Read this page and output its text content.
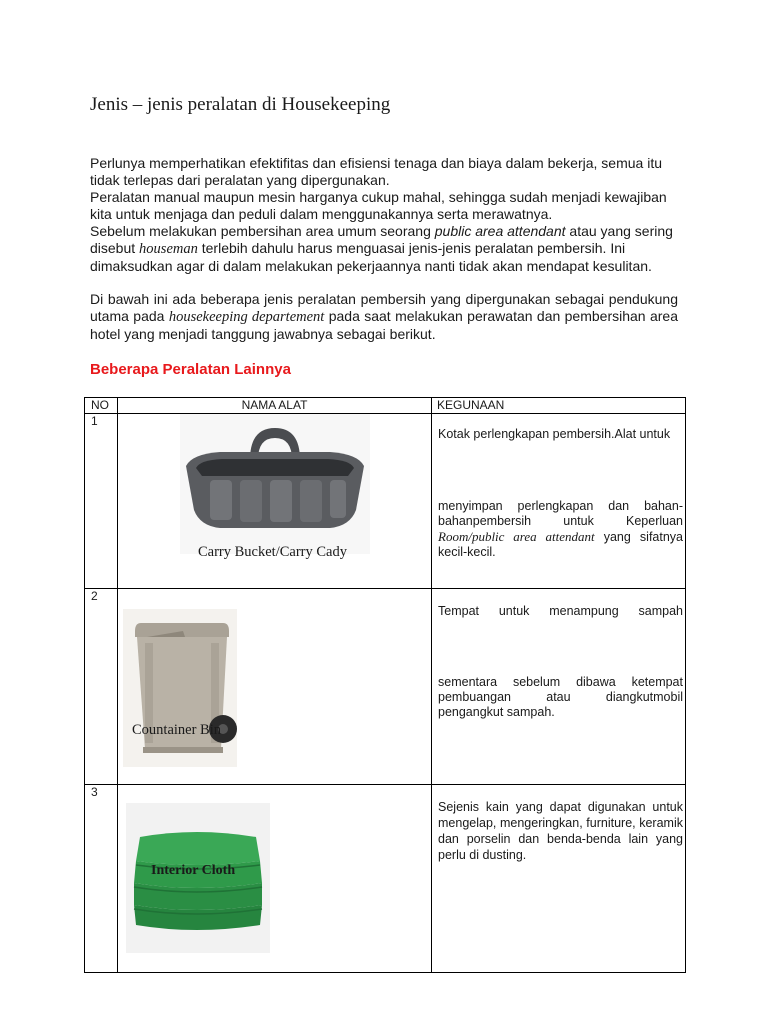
Jenis – jenis peralatan di Housekeeping
Perlunya memperhatikan efektifitas dan efisiensi tenaga dan biaya dalam bekerja, semua itu tidak terlepas dari peralatan yang dipergunakan.
Peralatan manual maupun mesin harganya cukup mahal, sehingga sudah menjadi kewajiban kita untuk menjaga dan peduli dalam menggunakannya serta merawatnya.
Sebelum melakukan pembersihan area umum seorang public area attendant atau yang sering disebut houseman terlebih dahulu harus menguasai jenis-jenis peralatan pembersih. Ini dimaksudkan agar di dalam melakukan pekerjaannya nanti tidak akan mendapat kesulitan.
Di bawah ini ada beberapa jenis peralatan pembersih yang dipergunakan sebagai pendukung utama pada housekeeping departement pada saat melakukan perawatan dan pembersihan area hotel yang menjadi tanggung jawabnya sebagai berikut.
Beberapa Peralatan Lainnya
NO	NAMA ALAT	KEGUNAAN
1	Carry Bucket/Carry Cady	Kotak perlengkapan pembersih.Alat untuk
menyimpan perlengkapan dan bahan-bahanpembersih untuk Keperluan Room/public area attendant yang sifatnya kecil-kecil.

2	Countainer Bin	Tempat untuk menampung sampah
sementara sebelum dibawa ketempat pembuangan atau diangkutmobil pengangkut sampah.

3	Interior Cloth	Sejenis kain yang dapat digunakan untuk mengelap, mengeringkan, furniture, keramik dan porselin dan benda-benda lain yang perlu di dusting.
